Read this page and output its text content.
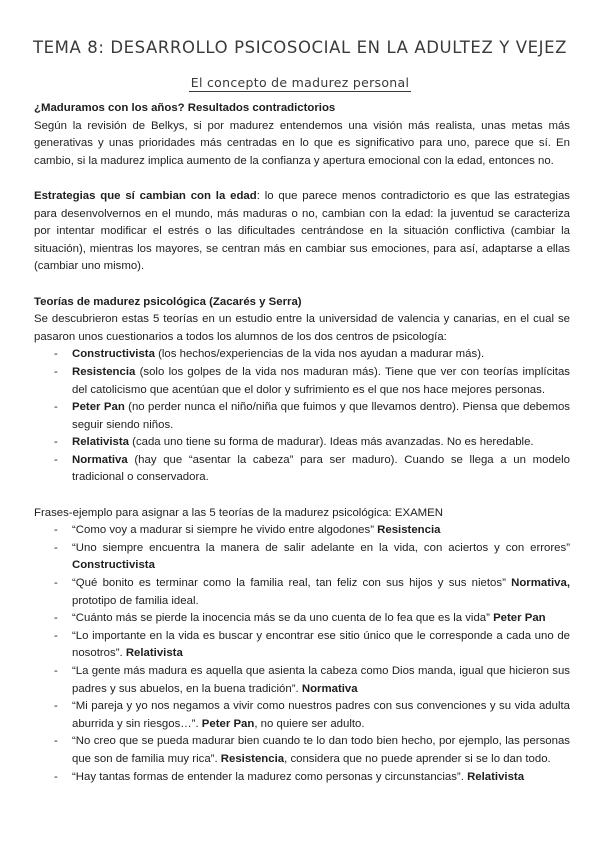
TEMA 8: DESARROLLO PSICOSOCIAL EN LA ADULTEZ Y VEJEZ
El concepto de madurez personal

¿Maduramos con los años? Resultados contradictorios

Según la revisión de Belkys, si por madurez entendemos una visión más realista, unas metas más generativas y unas prioridades más centradas en lo que es significativo para uno, parece que sí. En cambio, si la madurez implica aumento de la confianza y apertura emocional con la edad, entonces no.

Estrategias que sí cambian con la edad: lo que parece menos contradictorio es que las estrategias para desenvolvernos en el mundo, más maduras o no, cambian con la edad: la juventud se caracteriza por intentar modificar el estrés o las dificultades centrándose en la situación conflictiva (cambiar la situación), mientras los mayores, se centran más en cambiar sus emociones, para así, adaptarse a ellas (cambiar uno mismo).

Teorías de madurez psicológica (Zacarés y Serra)

Se descubrieron estas 5 teorías en un estudio entre la universidad de valencia y canarias, en el cual se pasaron unos cuestionarios a todos los alumnos de los dos centros de psicología:

- Constructivista (los hechos/experiencias de la vida nos ayudan a madurar más).
- Resistencia (solo los golpes de la vida nos maduran más). Tiene que ver con teorías implícitas del catolicismo que acentúan que el dolor y sufrimiento es el que nos hace mejores personas.
- Peter Pan (no perder nunca el niño/niña que fuimos y que llevamos dentro). Piensa que debemos seguir siendo niños.
- Relativista (cada uno tiene su forma de madurar). Ideas más avanzadas. No es heredable.
- Normativa (hay que “asentar la cabeza” para ser maduro). Cuando se llega a un modelo tradicional o conservadora.

Frases-ejemplo para asignar a las 5 teorías de la madurez psicológica: EXAMEN

- “Como voy a madurar si siempre he vivido entre algodones” Resistencia
- “Uno siempre encuentra la manera de salir adelante en la vida, con aciertos y con errores” Constructivista
- “Qué bonito es terminar como la familia real, tan feliz con sus hijos y sus nietos” Normativa, prototipo de familia ideal.
- “Cuánto más se pierde la inocencia más se da uno cuenta de lo fea que es la vida” Peter Pan
- “Lo importante en la vida es buscar y encontrar ese sitio único que le corresponde a cada uno de nosotros”. Relativista
- “La gente más madura es aquella que asienta la cabeza como Dios manda, igual que hicieron sus padres y sus abuelos, en la buena tradición”. Normativa
- “Mi pareja y yo nos negamos a vivir como nuestros padres con sus convenciones y su vida adulta aburrida y sin riesgos…”. Peter Pan, no quiere ser adulto.
- “No creo que se pueda madurar bien cuando te lo dan todo bien hecho, por ejemplo, las personas que son de familia muy rica”. Resistencia, considera que no puede aprender si se lo dan todo.
- “Hay tantas formas de entender la madurez como personas y circunstancias”. Relativista
